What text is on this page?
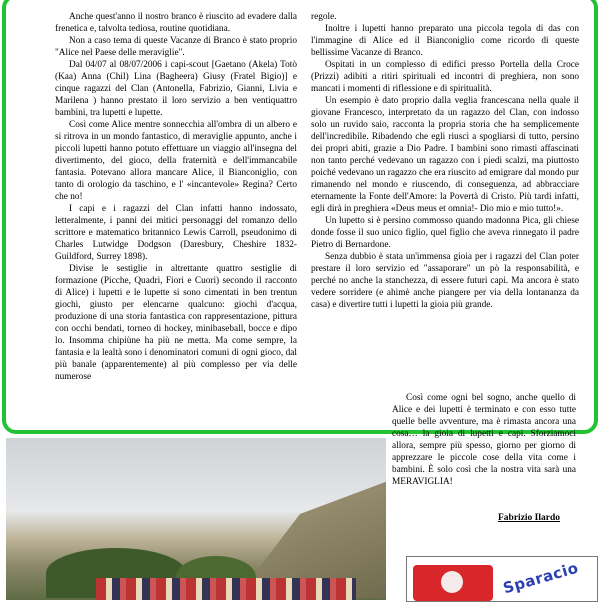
Anche quest'anno il nostro branco è riuscito ad evadere dalla frenetica e, talvolta tediosa, routine quotidiana.

Non a caso tema di queste Vacanze di Branco è stato proprio "Alice nel Paese delle meraviglie".

Dal 04/07 al 08/07/2006 i capi-scout [Gaetano (Akela) Totò (Kaa) Anna (Chil) Lina (Bagheera) Giusy (Fratel Bigio)] e cinque ragazzi del Clan (Antonella, Fabrizio, Gianni, Livia e Marilena ) hanno prestato il loro servizio a ben ventiquattro bambini, tra lupetti e lupette.

Così come Alice mentre sonnecchia all'ombra di un albero e si ritrova in un mondo fantastico, di meraviglie appunto, anche i piccoli lupetti hanno potuto effettuare un viaggio all'insegna del divertimento, del gioco, della fraternità e dell'immancabile fantasia. Potevano allora mancare Alice, il Bianconiglio, con tanto di orologio da taschino, e l' «incantevole» Regina? Certo che no!

I capi e i ragazzi del Clan infatti hanno indossato, letteralmente, i panni dei mitici personaggi del romanzo dello scrittore e matematico britannico Lewis Carroll, pseudonimo di Charles Lutwidge Dodgson (Daresbury, Cheshire 1832- Guildford, Surrey 1898).

Divise le sestiglie in altrettante quattro sestiglie di formazione (Picche, Quadri, Fiori e Cuori) secondo il racconto di Alice) i lupetti e le lupette si sono cimentati in ben trentun giochi, giusto per elencarne qualcuno: giochi d'acqua, produzione di una storia fantastica con rappresentazione, pittura con occhi bendati, torneo di hockey, minibaseball, bocce e dipo lo. Insomma chipiùne ha più ne metta. Ma come sempre, la fantasia e la lealtà sono i denominatori comuni di ogni gioco, dal più banale (apparentemente) al più complesso per via delle numerose

regole.

Inoltre i lupetti hanno preparato una piccola tegola di das con l'immagine di Alice ed il Bianconiglio come ricordo di queste bellissime Vacanze di Branco.

Ospitati in un complesso di edifici presso Portella della Croce (Prizzi) adibiti a ritiri spirituali ed incontri di preghiera, non sono mancati i momenti di riflessione e di spiritualità.

Un esempio è dato proprio dalla veglia francescana nella quale il giovane Francesco, interpretato da un ragazzo del Clan, con indosso solo un ruvido saio, racconta la propria storia che ha semplicemente dell'incredibile. Ribadendo che egli riuscì a spogliarsi di tutto, persino dei propri abiti, grazie a Dio Padre. I bambini sono rimasti affascinati non tanto perché vedevano un ragazzo con i piedi scalzi, ma piuttosto poiché vedevano un ragazzo che era riuscito ad emigrare dal mondo pur rimanendo nel mondo e riuscendo, di conseguenza, ad abbracciare eternamente la Fonte dell'Amore: la Povertà di Cristo. Più tardi infatti, egli dirà in preghiera «Deus meus et omnia!- Dio mio e mio tutto!».

Un lupetto si è persino commosso quando madonna Pica, gli chiese donde fosse il suo unico figlio, quel figlio che aveva rinnegato il padre Pietro di Bernardone.

Senza dubbio è stata un'immensa gioia per i ragazzi del Clan poter prestare il loro servizio ed "assaporare" un pò la responsabilità, e perché no anche la stanchezza, di essere futuri capi. Ma ancora è stato vedere sorridere (e ahimè anche piangere per via della lontananza da casa) e divertire tutti i lupetti la gioia più grande.

Così come ogni bel sogno, anche quello di Alice e dei lupetti è terminato e con esso tutte quelle belle avventure, ma è rimasta ancora una cosa… la gioia di lupetti e capi. Sforziamoci allora, sempre più spesso, giorno per giorno di apprezzare le piccole cose della vita come i bambini. È solo così che la nostra vita sarà una MERAVIGLIA!

Fabrizio Ilardo
Sparacio
